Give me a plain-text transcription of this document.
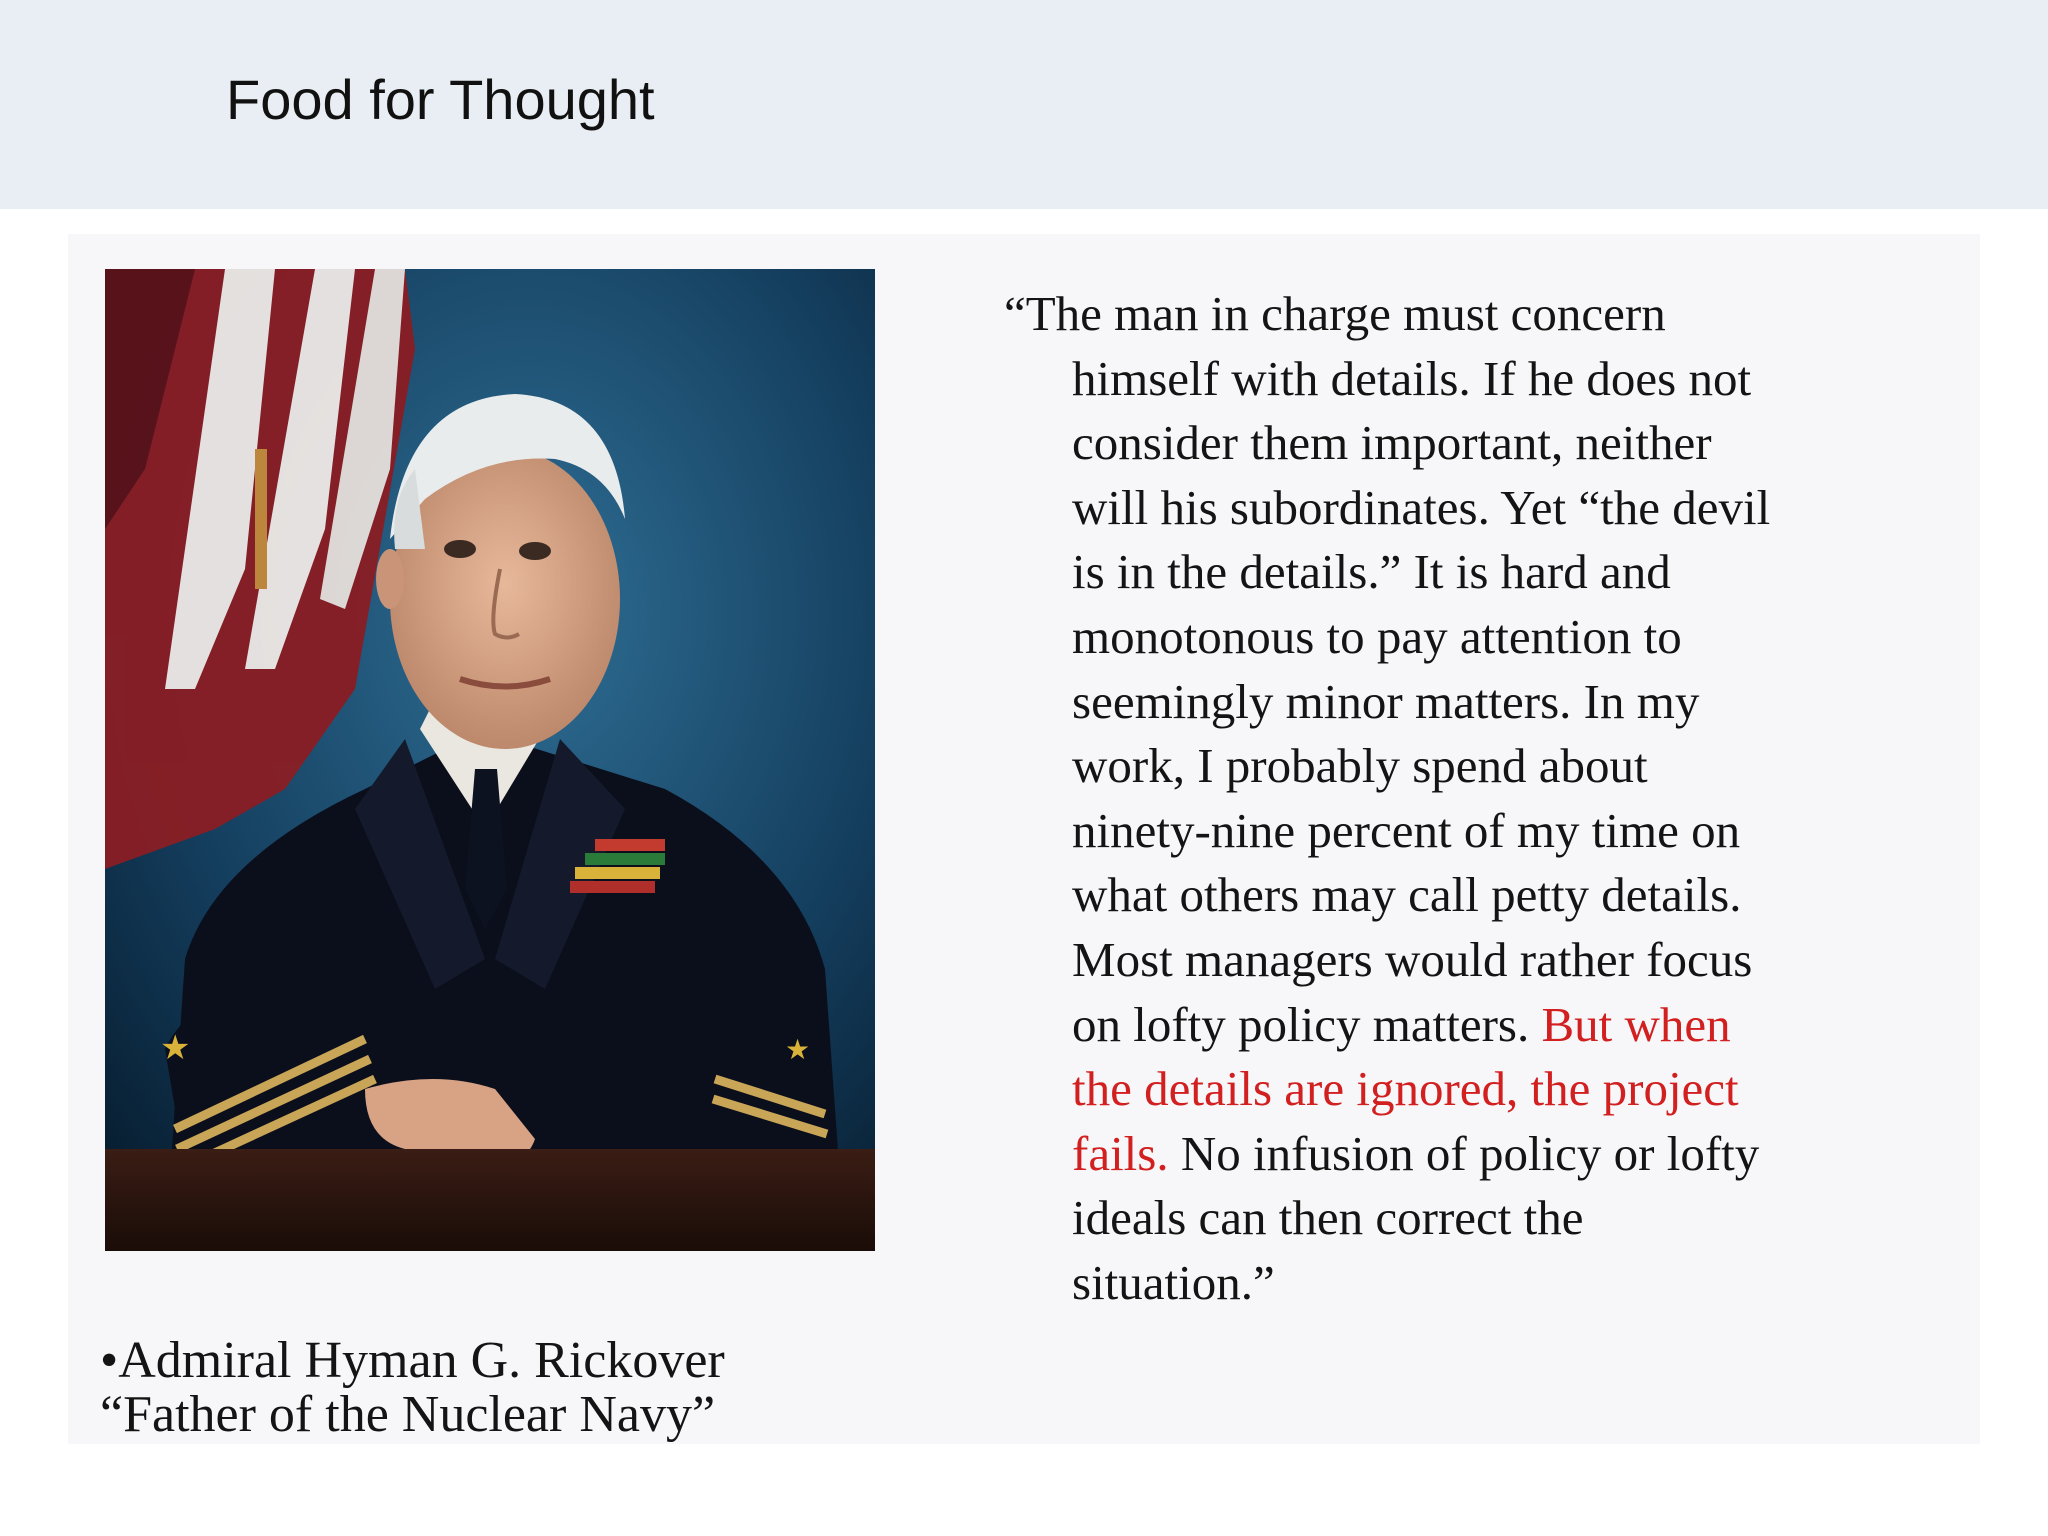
Food for Thought
★	★
•Admiral Hyman G. Rickover
“Father of the Nuclear Navy”
“The man in charge must concern
himself with details. If he does not
consider them important, neither
will his subordinates. Yet “the devil
is in the details.” It is hard and
monotonous to pay attention to
seemingly minor matters. In my
work, I probably spend about
ninety-nine percent of my time on
what others may call petty details.
Most managers would rather focus
on lofty policy matters. But when
the details are ignored, the project
fails. No infusion of policy or lofty
ideals can then correct the
situation.”
